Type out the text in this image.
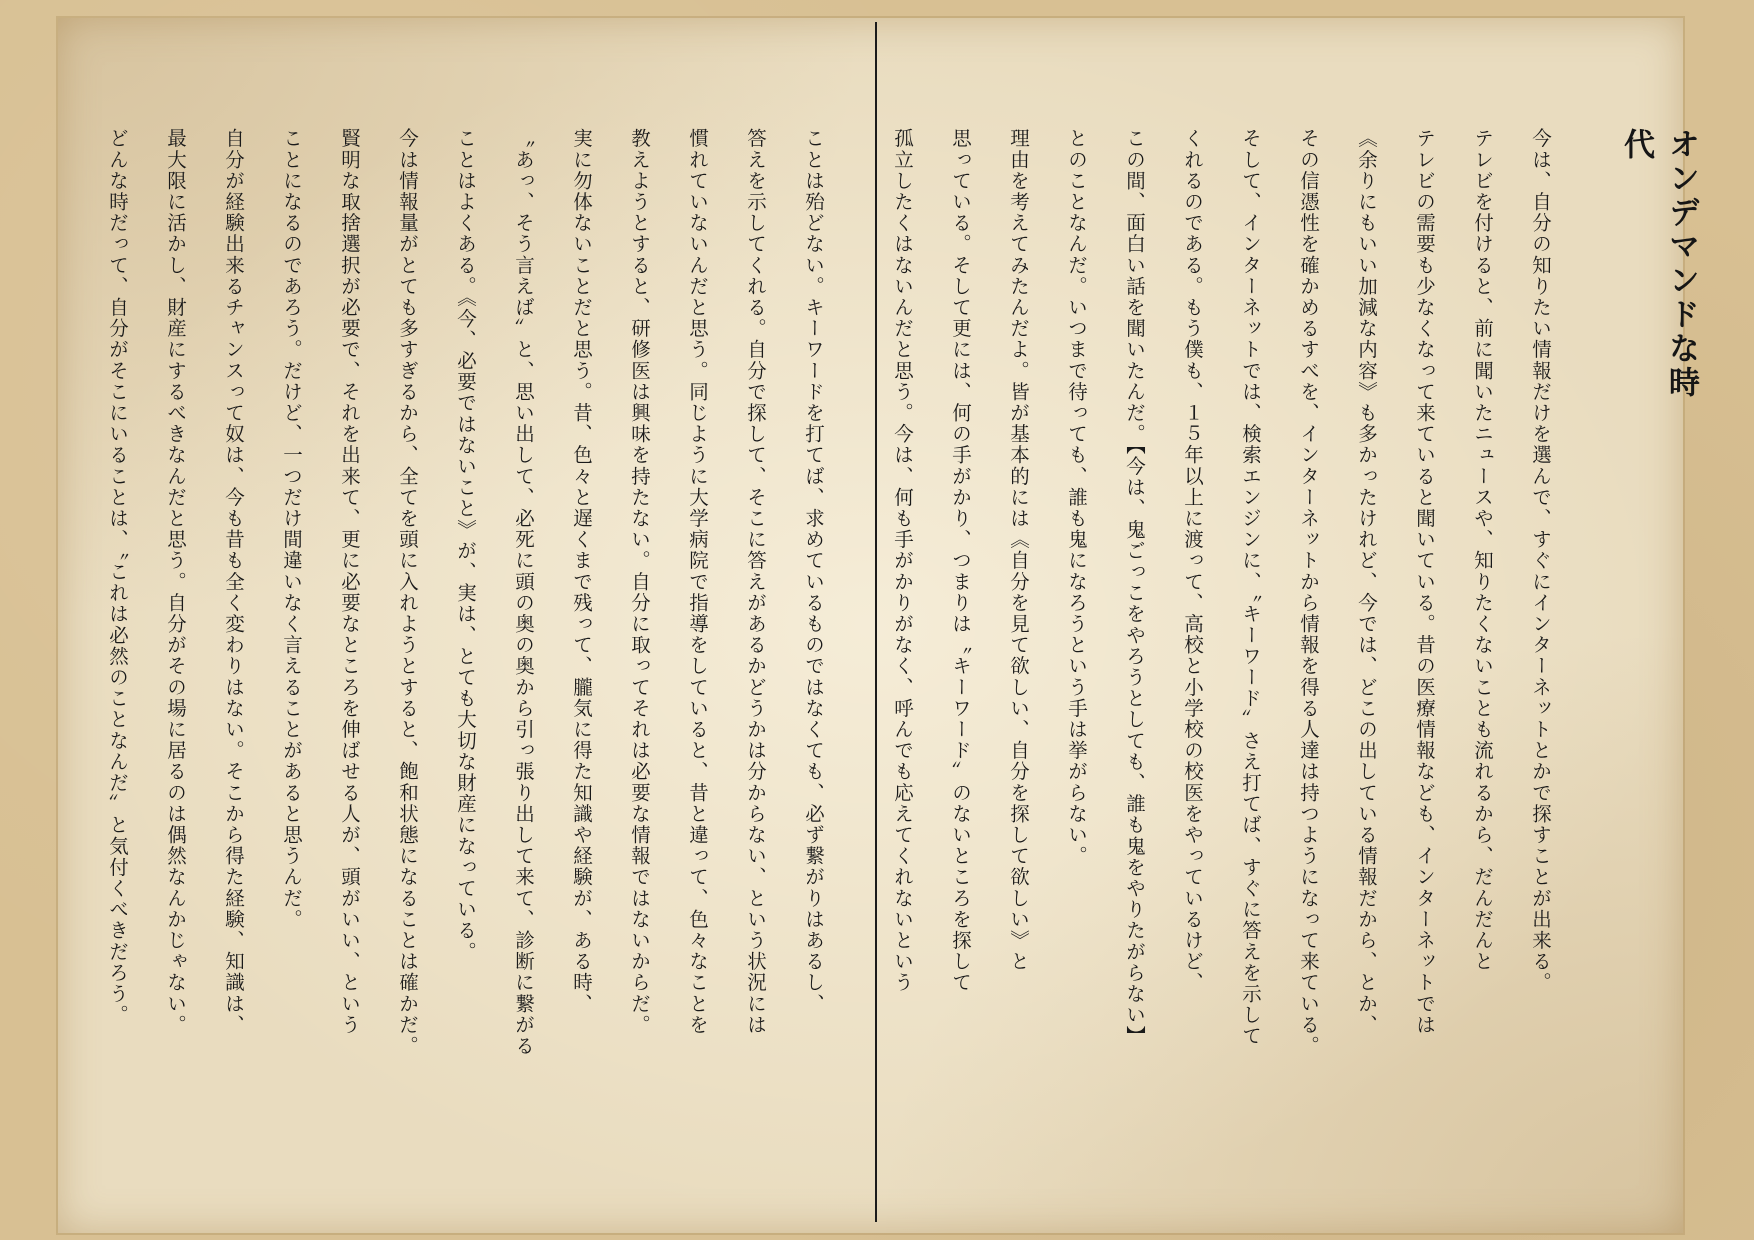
オンデマンドな時代

今は、自分の知りたい情報だけを選んで、すぐにインターネットとかで探すことが出来る。
テレビを付けると、前に聞いたニュースや、知りたくないことも流れるから、だんだんと
テレビの需要も少なくなって来ていると聞いている。昔の医療情報なども、インターネットでは
《余りにもいい加減な内容》も多かったけれど、今では、どこの出している情報だから、とか、
その信憑性を確かめるすべを、インターネットから情報を得る人達は持つようになって来ている。
そして、インターネットでは、検索エンジンに、〝キーワード〟さえ打てば、すぐに答えを示して
くれるのである。もう僕も、１５年以上に渡って、高校と小学校の校医をやっているけど、
この間、面白い話を聞いたんだ。【今は、鬼ごっこをやろうとしても、誰も鬼をやりたがらない】
とのことなんだ。いつまで待っても、誰も鬼になろうという手は挙がらない。
理由を考えてみたんだよ。皆が基本的には《自分を見て欲しい、自分を探して欲しい》と
思っている。そして更には、何の手がかり、つまりは〝キーワード〟のないところを探して
孤立したくはないんだと思う。今は、何も手がかりがなく、呼んでも応えてくれないという

ことは殆どない。キーワードを打てば、求めているものではなくても、必ず繋がりはあるし、
答えを示してくれる。自分で探して、そこに答えがあるかどうかは分からない、という状況には
慣れていないんだと思う。同じように大学病院で指導をしていると、昔と違って、色々なことを
教えようとすると、研修医は興味を持たない。自分に取ってそれは必要な情報ではないからだ。
実に勿体ないことだと思う。昔、色々と遅くまで残って、朧気に得た知識や経験が、ある時、
〝あっ、そう言えば〟と、思い出して、必死に頭の奥の奥から引っ張り出して来て、診断に繋がる
ことはよくある。《今、必要ではないこと》が、実は、とても大切な財産になっている。
今は情報量がとても多すぎるから、全てを頭に入れようとすると、飽和状態になることは確かだ。
賢明な取捨選択が必要で、それを出来て、更に必要なところを伸ばせる人が、頭がいい、という
ことになるのであろう。だけど、一つだけ間違いなく言えることがあると思うんだ。
自分が経験出来るチャンスって奴は、今も昔も全く変わりはない。そこから得た経験、知識は、
最大限に活かし、財産にするべきなんだと思う。自分がその場に居るのは偶然なんかじゃない。
どんな時だって、自分がそこにいることは、〝これは必然のことなんだ〟と気付くべきだろう。
